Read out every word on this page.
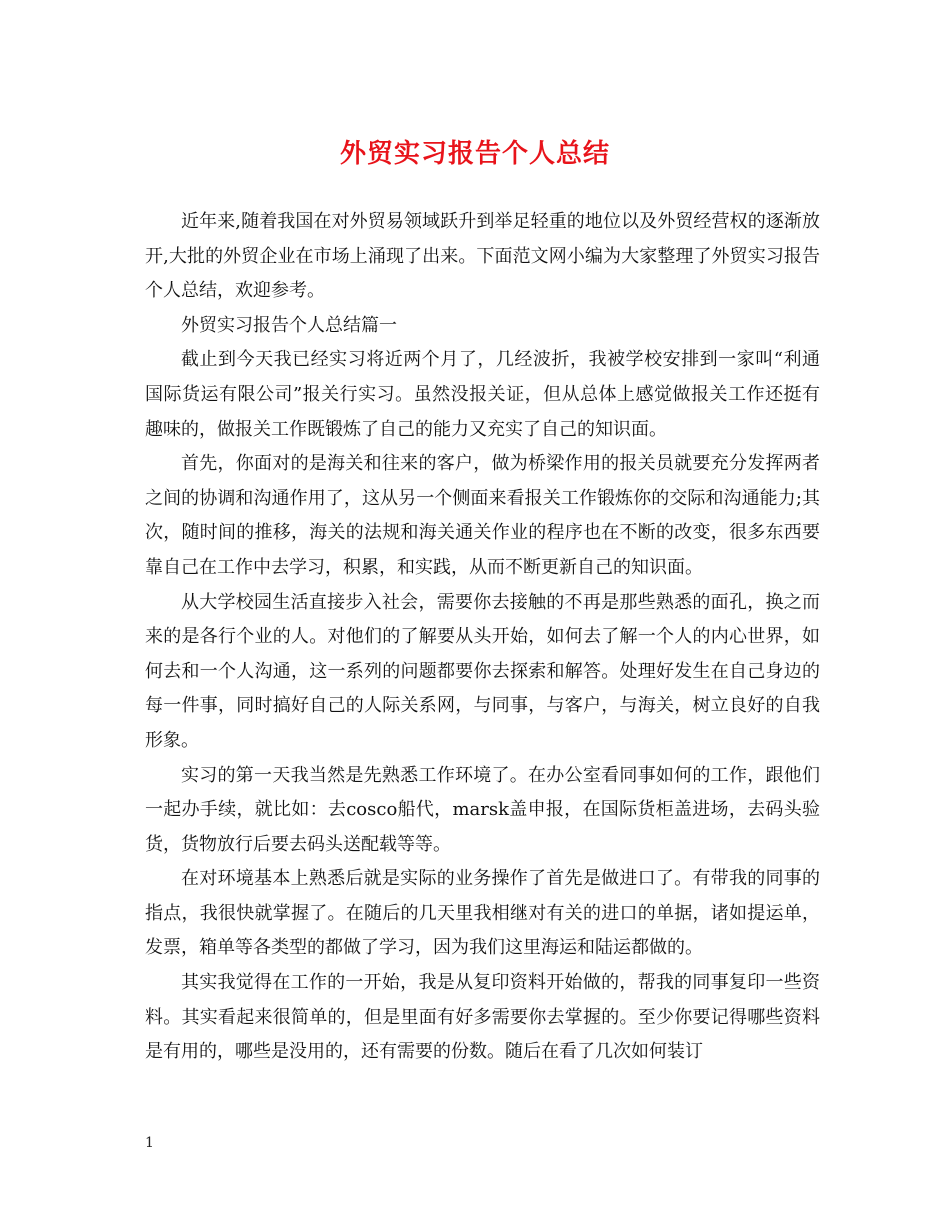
外贸实习报告个人总结

近年来,随着我国在对外贸易领域跃升到举足轻重的地位以及外贸经营权的逐渐放开,大批的外贸企业在市场上涌现了出来。下面范文网小编为大家整理了外贸实习报告个人总结，欢迎参考。

外贸实习报告个人总结篇一

截止到今天我已经实习将近两个月了，几经波折，我被学校安排到一家叫“利通国际货运有限公司”报关行实习。虽然没报关证，但从总体上感觉做报关工作还挺有趣味的，做报关工作既锻炼了自己的能力又充实了自己的知识面。

首先，你面对的是海关和往来的客户，做为桥梁作用的报关员就要充分发挥两者之间的协调和沟通作用了，这从另一个侧面来看报关工作锻炼你的交际和沟通能力;其次，随时间的推移，海关的法规和海关通关作业的程序也在不断的改变，很多东西要靠自己在工作中去学习，积累，和实践，从而不断更新自己的知识面。

从大学校园生活直接步入社会，需要你去接触的不再是那些熟悉的面孔，换之而来的是各行个业的人。对他们的了解要从头开始，如何去了解一个人的内心世界，如何去和一个人沟通，这一系列的问题都要你去探索和解答。处理好发生在自己身边的每一件事，同时搞好自己的人际关系网，与同事，与客户，与海关，树立良好的自我形象。

实习的第一天我当然是先熟悉工作环境了。在办公室看同事如何的工作，跟他们一起办手续，就比如：去cosco船代，marsk盖申报，在国际货柜盖进场，去码头验货，货物放行后要去码头送配载等等。

在对环境基本上熟悉后就是实际的业务操作了首先是做进口了。有带我的同事的指点，我很快就掌握了。在随后的几天里我相继对有关的进口的单据，诸如提运单，发票，箱单等各类型的都做了学习，因为我们这里海运和陆运都做的。

其实我觉得在工作的一开始，我是从复印资料开始做的，帮我的同事复印一些资料。其实看起来很简单的，但是里面有好多需要你去掌握的。至少你要记得哪些资料是有用的，哪些是没用的，还有需要的份数。随后在看了几次如何装订

1
